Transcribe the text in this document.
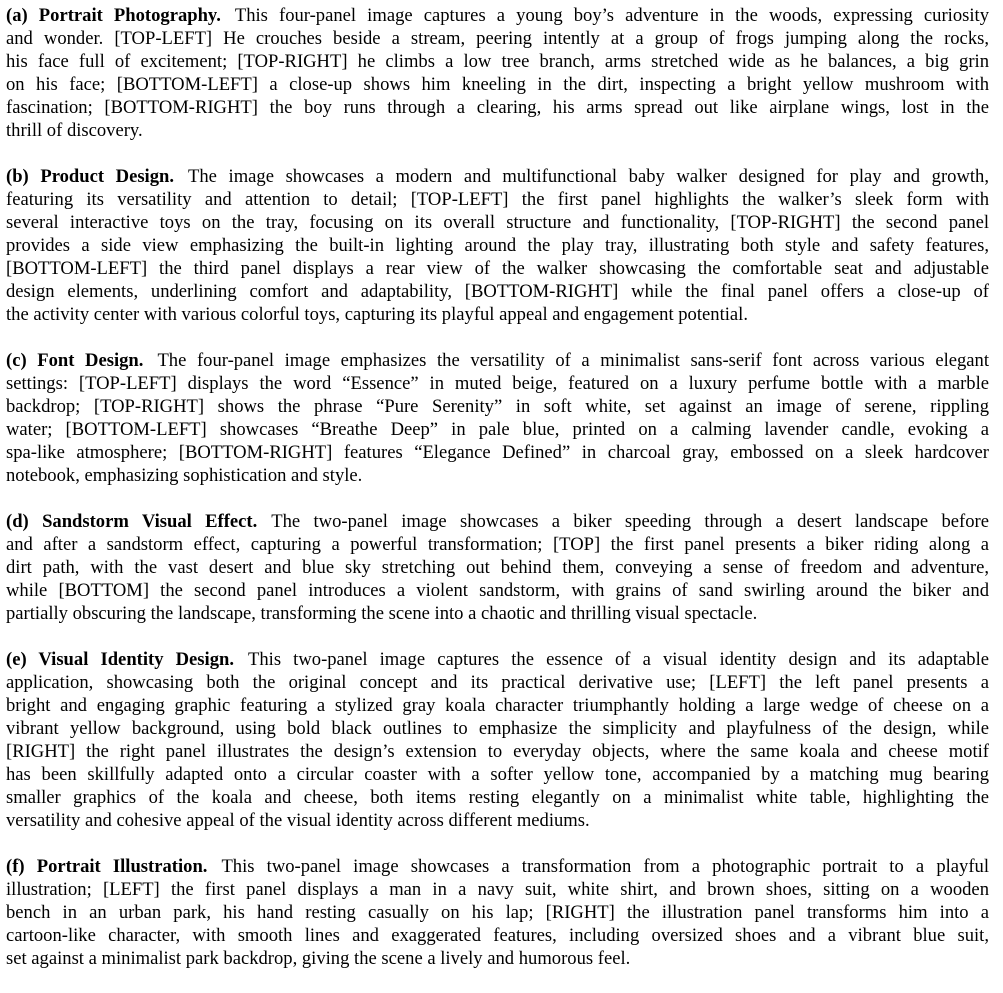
(a) Portrait Photography. This four-panel image captures a young boy’s adventure in the woods, expressing curiosity
and wonder. [TOP-LEFT] He crouches beside a stream, peering intently at a group of frogs jumping along the rocks,
his face full of excitement; [TOP-RIGHT] he climbs a low tree branch, arms stretched wide as he balances, a big grin
on his face; [BOTTOM-LEFT] a close-up shows him kneeling in the dirt, inspecting a bright yellow mushroom with
fascination; [BOTTOM-RIGHT] the boy runs through a clearing, his arms spread out like airplane wings, lost in the
thrill of discovery.
(b) Product Design. The image showcases a modern and multifunctional baby walker designed for play and growth,
featuring its versatility and attention to detail; [TOP-LEFT] the first panel highlights the walker’s sleek form with
several interactive toys on the tray, focusing on its overall structure and functionality, [TOP-RIGHT] the second panel
provides a side view emphasizing the built-in lighting around the play tray, illustrating both style and safety features,
[BOTTOM-LEFT] the third panel displays a rear view of the walker showcasing the comfortable seat and adjustable
design elements, underlining comfort and adaptability, [BOTTOM-RIGHT] while the final panel offers a close-up of
the activity center with various colorful toys, capturing its playful appeal and engagement potential.
(c) Font Design. The four-panel image emphasizes the versatility of a minimalist sans-serif font across various elegant
settings: [TOP-LEFT] displays the word “Essence” in muted beige, featured on a luxury perfume bottle with a marble
backdrop; [TOP-RIGHT] shows the phrase “Pure Serenity” in soft white, set against an image of serene, rippling
water; [BOTTOM-LEFT] showcases “Breathe Deep” in pale blue, printed on a calming lavender candle, evoking a
spa-like atmosphere; [BOTTOM-RIGHT] features “Elegance Defined” in charcoal gray, embossed on a sleek hardcover
notebook, emphasizing sophistication and style.
(d) Sandstorm Visual Effect. The two-panel image showcases a biker speeding through a desert landscape before
and after a sandstorm effect, capturing a powerful transformation; [TOP] the first panel presents a biker riding along a
dirt path, with the vast desert and blue sky stretching out behind them, conveying a sense of freedom and adventure,
while [BOTTOM] the second panel introduces a violent sandstorm, with grains of sand swirling around the biker and
partially obscuring the landscape, transforming the scene into a chaotic and thrilling visual spectacle.
(e) Visual Identity Design. This two-panel image captures the essence of a visual identity design and its adaptable
application, showcasing both the original concept and its practical derivative use; [LEFT] the left panel presents a
bright and engaging graphic featuring a stylized gray koala character triumphantly holding a large wedge of cheese on a
vibrant yellow background, using bold black outlines to emphasize the simplicity and playfulness of the design, while
[RIGHT] the right panel illustrates the design’s extension to everyday objects, where the same koala and cheese motif
has been skillfully adapted onto a circular coaster with a softer yellow tone, accompanied by a matching mug bearing
smaller graphics of the koala and cheese, both items resting elegantly on a minimalist white table, highlighting the
versatility and cohesive appeal of the visual identity across different mediums.
(f) Portrait Illustration. This two-panel image showcases a transformation from a photographic portrait to a playful
illustration; [LEFT] the first panel displays a man in a navy suit, white shirt, and brown shoes, sitting on a wooden
bench in an urban park, his hand resting casually on his lap; [RIGHT] the illustration panel transforms him into a
cartoon-like character, with smooth lines and exaggerated features, including oversized shoes and a vibrant blue suit,
set against a minimalist park backdrop, giving the scene a lively and humorous feel.
